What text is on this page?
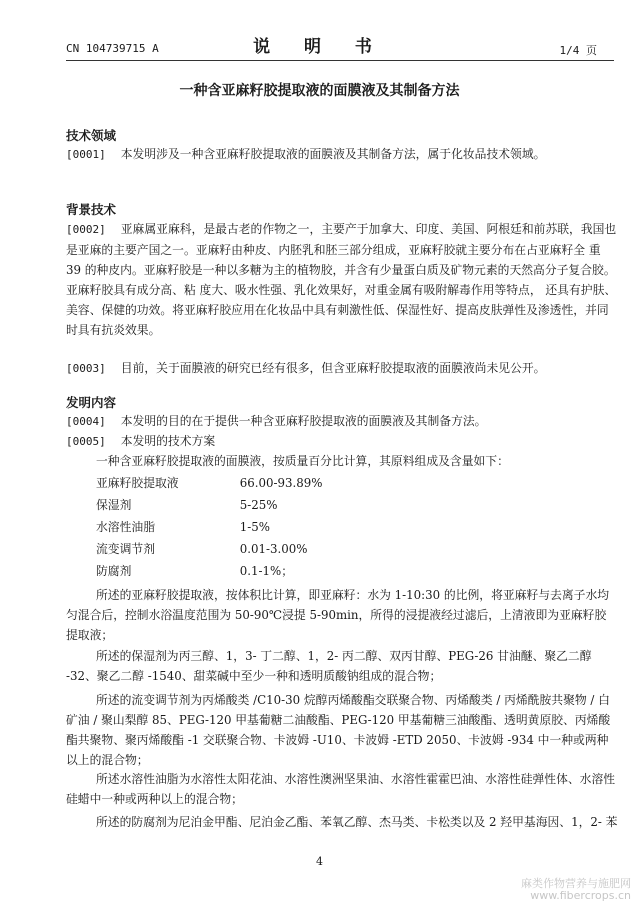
CN 104739715 A	说 明 书	1/4 页
一种含亚麻籽胶提取液的面膜液及其制备方法
技术领域
[0001] 本发明涉及一种含亚麻籽胶提取液的面膜液及其制备方法，属于化妆品技术领域。
背景技术
[0002] 亚麻属亚麻科，是最古老的作物之一，主要产于加拿大、印度、美国、阿根廷和前苏联，我国也是亚麻的主要产国之一。亚麻籽由种皮、内胚乳和胚三部分组成，亚麻籽胶就主要分布在占亚麻籽全 重 39 的种皮内。亚麻籽胶是一种以多糖为主的植物胶，并含有少量蛋白质及矿物元素的天然高分子复合胶。亚麻籽胶具有成分高、粘 度大、吸水性强、乳化效果好，对重金属有吸附解毒作用等特点， 还具有护肤、美容、保健的功效。将亚麻籽胶应用在化妆品中具有刺激性低、保湿性好、提高皮肤弹性及渗透性，并同时具有抗炎效果。
[0003] 目前，关于面膜液的研究已经有很多，但含亚麻籽胶提取液的面膜液尚未见公开。
发明内容
[0004] 本发明的目的在于提供一种含亚麻籽胶提取液的面膜液及其制备方法。
[0005] 本发明的技术方案
一种含亚麻籽胶提取液的面膜液，按质量百分比计算，其原料组成及含量如下：
亚麻籽胶提取液	66.00-93.89%
保湿剂	5-25%
水溶性油脂	1-5%
流变调节剂	0.01-3.00%
防腐剂	0.1-1%；
所述的亚麻籽胶提取液，按体积比计算，即亚麻籽：水为 1-10:30 的比例，将亚麻籽与去离子水均匀混合后，控制水浴温度范围为 50-90℃浸提 5-90min，所得的浸提液经过滤后，上清液即为亚麻籽胶提取液；
所述的保湿剂为丙三醇、1，3- 丁二醇、1，2- 丙二醇、双丙甘醇、PEG-26 甘油醚、聚乙二醇 -32、聚乙二醇 -1540、甜菜碱中至少一种和透明质酸钠组成的混合物；
所述的流变调节剂为丙烯酸类 /C10-30 烷醇丙烯酸酯交联聚合物、丙烯酸类 / 丙烯酰胺共聚物 / 白矿油 / 聚山梨醇 85、PEG-120 甲基葡糖二油酸酯、PEG-120 甲基葡糖三油酸酯、透明黄原胶、丙烯酸酯共聚物、聚丙烯酸酯 -1 交联聚合物、卡波姆 -U10、卡波姆 -ETD 2050、卡波姆 -934 中一种或两种以上的混合物；
所述水溶性油脂为水溶性太阳花油、水溶性澳洲坚果油、水溶性霍霍巴油、水溶性硅弹性体、水溶性硅蜡中一种或两种以上的混合物；
所述的防腐剂为尼泊金甲酯、尼泊金乙酯、苯氧乙醇、杰马类、卡松类以及 2 羟甲基海因、1，2- 苯
4
麻类作物营养与施肥网
www.fibercrops.cn
